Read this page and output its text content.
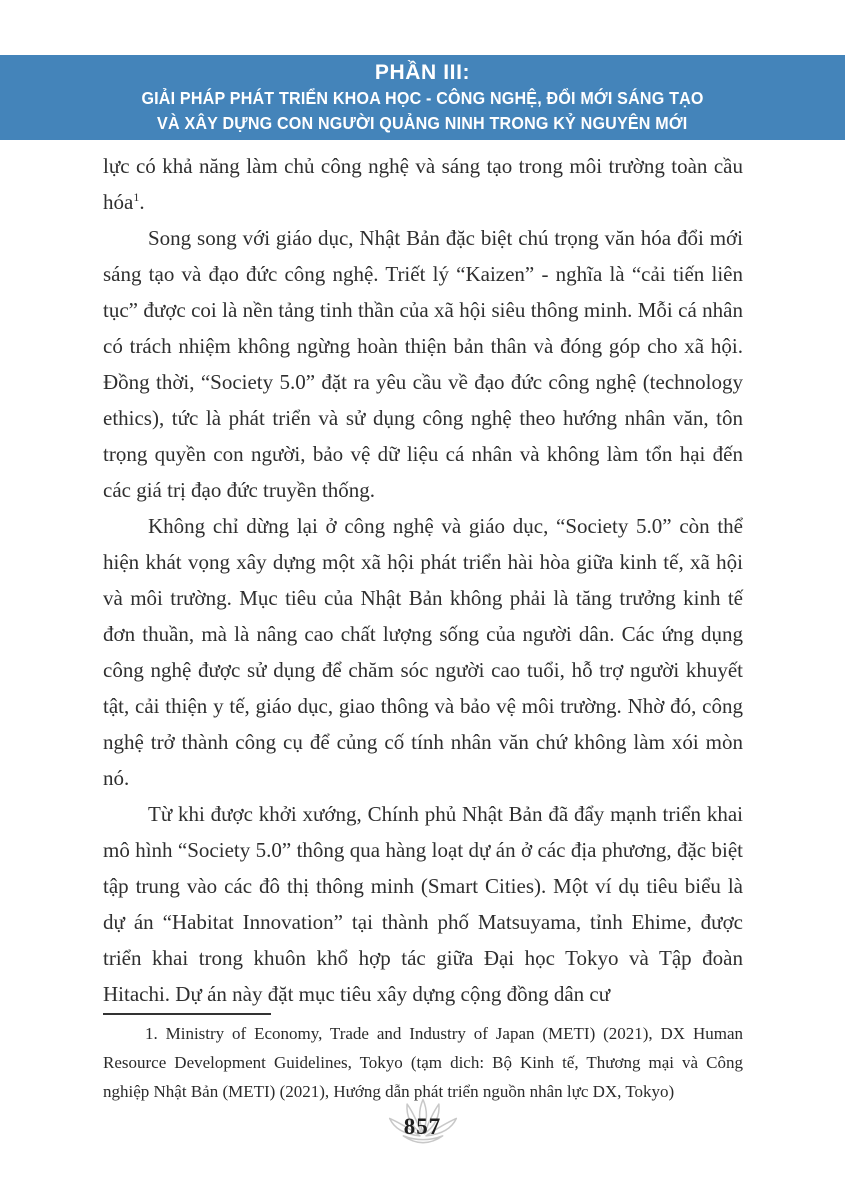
PHẦN III:
GIẢI PHÁP PHÁT TRIỂN KHOA HỌC - CÔNG NGHỆ, ĐỔI MỚI SÁNG TẠO
VÀ XÂY DỰNG CON NGƯỜI QUẢNG NINH TRONG KỶ NGUYÊN MỚI

lực có khả năng làm chủ công nghệ và sáng tạo trong môi trường toàn cầu hóa$^1$.

Song song với giáo dục, Nhật Bản đặc biệt chú trọng văn hóa đổi mới sáng tạo và đạo đức công nghệ. Triết lý “Kaizen” - nghĩa là “cải tiến liên tục” được coi là nền tảng tinh thần của xã hội siêu thông minh. Mỗi cá nhân có trách nhiệm không ngừng hoàn thiện bản thân và đóng góp cho xã hội. Đồng thời, “Society 5.0” đặt ra yêu cầu về đạo đức công nghệ (technology ethics), tức là phát triển và sử dụng công nghệ theo hướng nhân văn, tôn trọng quyền con người, bảo vệ dữ liệu cá nhân và không làm tổn hại đến các giá trị đạo đức truyền thống.

Không chỉ dừng lại ở công nghệ và giáo dục, “Society 5.0” còn thể hiện khát vọng xây dựng một xã hội phát triển hài hòa giữa kinh tế, xã hội và môi trường. Mục tiêu của Nhật Bản không phải là tăng trưởng kinh tế đơn thuần, mà là nâng cao chất lượng sống của người dân. Các ứng dụng công nghệ được sử dụng để chăm sóc người cao tuổi, hỗ trợ người khuyết tật, cải thiện y tế, giáo dục, giao thông và bảo vệ môi trường. Nhờ đó, công nghệ trở thành công cụ để củng cố tính nhân văn chứ không làm xói mòn nó.

Từ khi được khởi xướng, Chính phủ Nhật Bản đã đẩy mạnh triển khai mô hình “Society 5.0” thông qua hàng loạt dự án ở các địa phương, đặc biệt tập trung vào các đô thị thông minh (Smart Cities). Một ví dụ tiêu biểu là dự án “Habitat Innovation” tại thành phố Matsuyama, tỉnh Ehime, được triển khai trong khuôn khổ hợp tác giữa Đại học Tokyo và Tập đoàn Hitachi. Dự án này đặt mục tiêu xây dựng cộng đồng dân cư

1. Ministry of Economy, Trade and Industry of Japan (METI) (2021), DX Human Resource Development Guidelines, Tokyo (tạm dich: Bộ Kinh tế, Thương mại và Công nghiệp Nhật Bản (METI) (2021), Hướng dẫn phát triển nguồn nhân lực DX, Tokyo)
857
